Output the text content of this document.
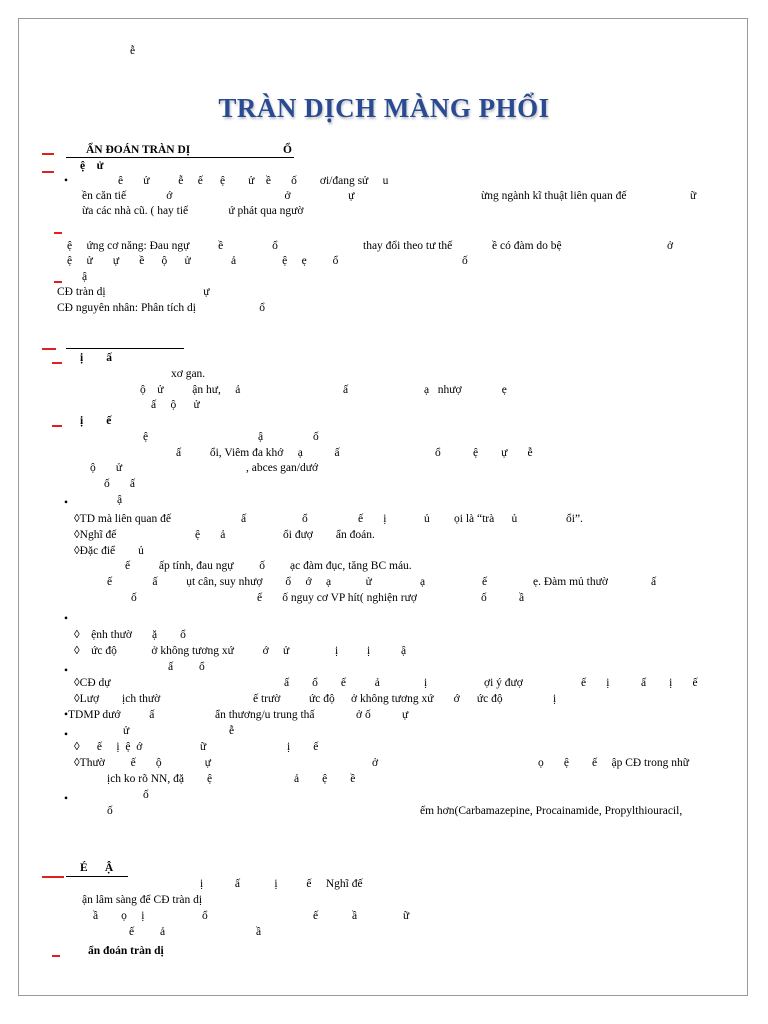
ễ
TRÀN DỊCH MÀNG PHỔI
ẨN ĐOÁN TRÀN DỊ	Ổ
ệ    ử
•	ê       ử          ễ     ế      ệ        ử    ề       ố        ơi/đang sử     u
ền căn tiế              ớ                                       ở                    ự	ừng ngành kĩ thuật liên quan đế	ữ
ừa các nhà cũ. ( hay tiế              ứ phát qua ngườ
ệ     ứng cơ năng: Đau ngự          ề                 ổ	thay đổi theo tư thế	ề có đàm do bệ	ở
ệ     ử       ự       ề      ộ      ử              ả                ệ     ẹ         ổ	ố
ậ
CĐ tràn dị                                  ự
CĐ nguyên nhân: Phân tích dị                      ổ
ị        ấ
xơ gan.
ộ    ử          ận hư,     ả	ấ	ạ   nhượ              ẹ
ấ     ộ      ử
ị        ế
ệ	ậ	ố
ấ          ổi, Viêm đa khớ     ạ           ấ	ổ	ệ        ự       ễ
ộ       ử	, abces gan/dướ
ố       ấ
•	ậ
◊TD mà liên quan đế	ấ	ổ	ế       ị	ủ ọi là “trà      ủ	ổi”.
◊Nghĩ đế	ệ       ả	ổi đượ        ẩn đoán.
◊Đặc điể        ủ
ế          ấp tính, đau ngự         ố ạc đàm đục, tăng BC máu.
ế              ấ          ụt cân, suy nhượ        ổ     ớ     ạ            ử	ạ	ế	ẹ. Đàm mủ thườ	ấ
ố	ế       ố nguy cơ VP hít( nghiện rượ	ố	ầ
•
◊    ệnh thườ       ặ        ổ
◊    ức độ            ở không tương xứ          ớ     ử	ị          ị	ậ
•	ấ         ổ
◊CĐ dự	ấ        ổ        ế          ả	ị	ợi ý đượ	ế       ị           ấ        ị       ế
◊Lượ        ịch thườ	ế trườ ức độ ở không tương xứ       ớ      ức độ	ị
•TDMP dướ          ấ	ẩn thương/u trung thấ	ở ố	ự
•	ử	ễ
◊      ế     ị  ệ  ớ	ữ	ị        ế
◊Thườ         ế       ộ               ự	ở	ọ       ệ        ế     ập CĐ trong nhữ
ịch ko rõ NN, đặ        ệ	ả        ệ        ề
•	ố
ố	ếm hơn(Carbamazepine, Procainamide, Propylthiouracil,
É      Ậ
ị           ấ            ị          ế     Nghĩ đế
ận lâm sàng để CĐ tràn dị
ầ        ọ     ị	ổ	ế	ầ	ữ
ế         ả	ầ
ẩn đoán tràn dị
